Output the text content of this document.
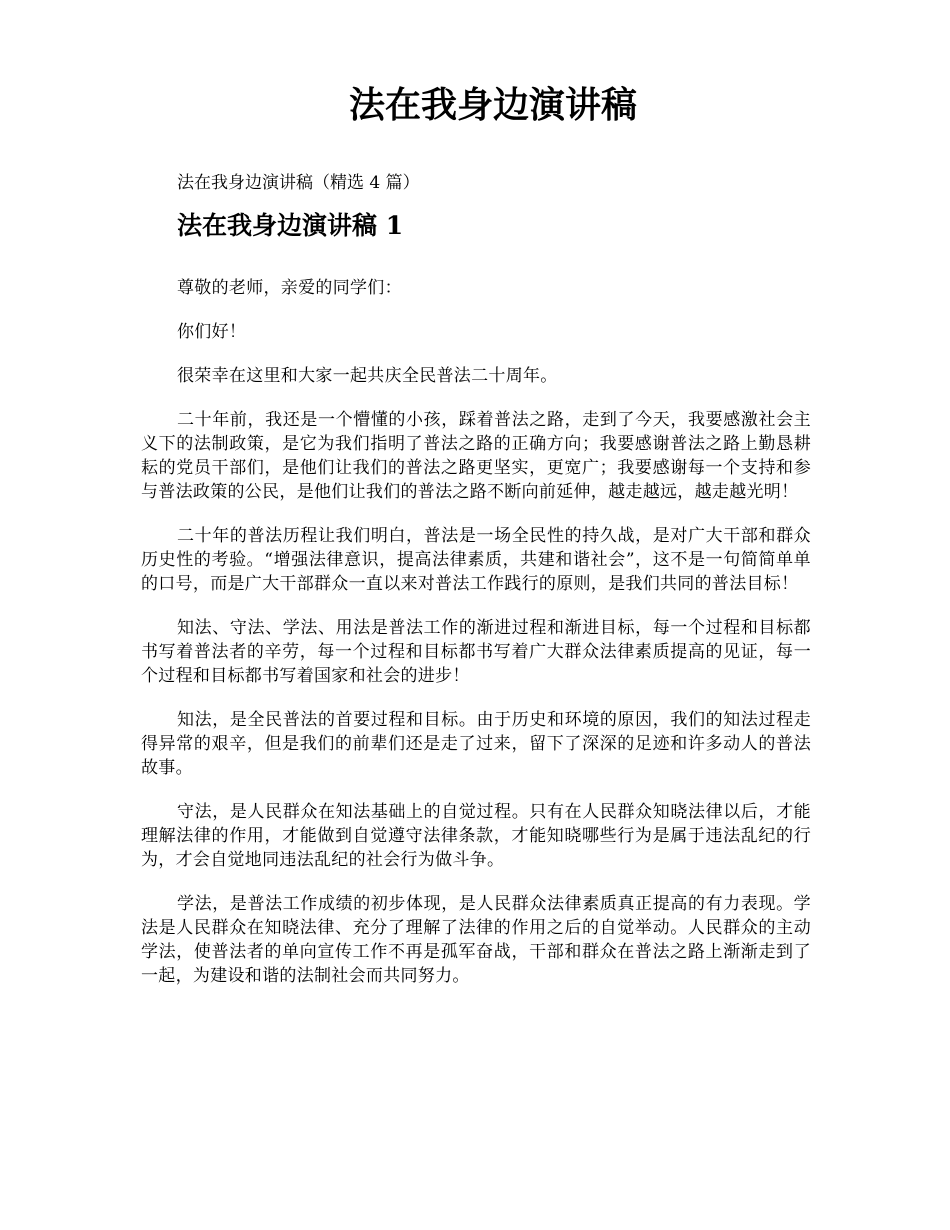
法在我身边演讲稿

法在我身边演讲稿（精选 4 篇）

法在我身边演讲稿 1

尊敬的老师，亲爱的同学们：

你们好！

很荣幸在这里和大家一起共庆全民普法二十周年。

二十年前，我还是一个懵懂的小孩，踩着普法之路，走到了今天，我要感激社会主义下的法制政策，是它为我们指明了普法之路的正确方向；我要感谢普法之路上勤恳耕耘的党员干部们，是他们让我们的普法之路更坚实，更宽广；我要感谢每一个支持和参与普法政策的公民，是他们让我们的普法之路不断向前延伸，越走越远，越走越光明！

二十年的普法历程让我们明白，普法是一场全民性的持久战，是对广大干部和群众历史性的考验。“增强法律意识，提高法律素质，共建和谐社会”，这不是一句简简单单的口号，而是广大干部群众一直以来对普法工作践行的原则，是我们共同的普法目标！

知法、守法、学法、用法是普法工作的渐进过程和渐进目标，每一个过程和目标都书写着普法者的辛劳，每一个过程和目标都书写着广大群众法律素质提高的见证，每一个过程和目标都书写着国家和社会的进步！

知法，是全民普法的首要过程和目标。由于历史和环境的原因，我们的知法过程走得异常的艰辛，但是我们的前辈们还是走了过来，留下了深深的足迹和许多动人的普法故事。

守法，是人民群众在知法基础上的自觉过程。只有在人民群众知晓法律以后，才能理解法律的作用，才能做到自觉遵守法律条款，才能知晓哪些行为是属于违法乱纪的行为，才会自觉地同违法乱纪的社会行为做斗争。

学法，是普法工作成绩的初步体现，是人民群众法律素质真正提高的有力表现。学法是人民群众在知晓法律、充分了理解了法律的作用之后的自觉举动。人民群众的主动学法，使普法者的单向宣传工作不再是孤军奋战，干部和群众在普法之路上渐渐走到了一起，为建设和谐的法制社会而共同努力。
